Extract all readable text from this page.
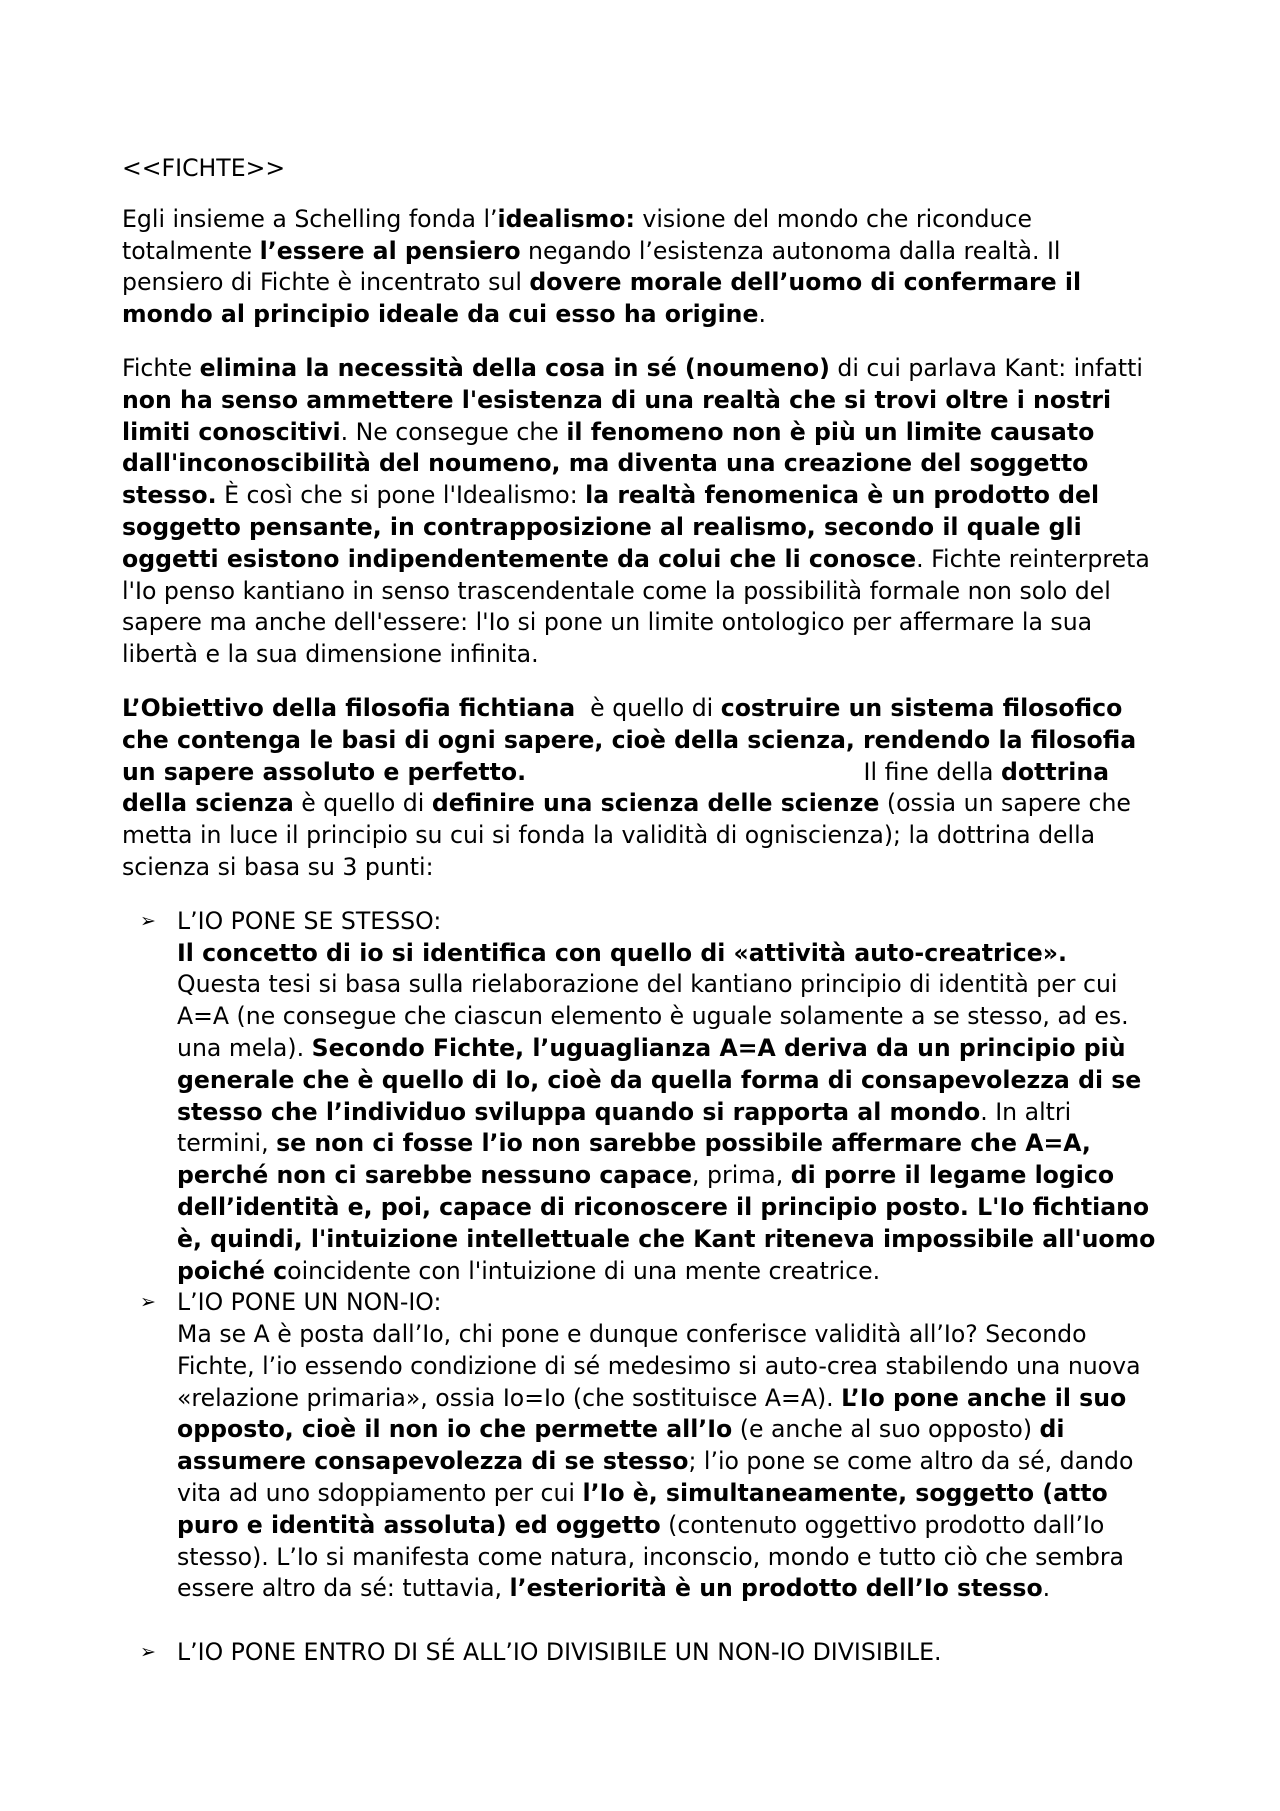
<<FICHTE>>
Egli insieme a Schelling fonda l’idealismo: visione del mondo che riconduce
totalmente l’essere al pensiero negando l’esistenza autonoma dalla realtà. Il
pensiero di Fichte è incentrato sul dovere morale dell’uomo di confermare il
mondo al principio ideale da cui esso ha origine.
Fichte elimina la necessità della cosa in sé (noumeno) di cui parlava Kant: infatti
non ha senso ammettere l'esistenza di una realtà che si trovi oltre i nostri
limiti conoscitivi. Ne consegue che il fenomeno non è più un limite causato
dall'inconoscibilità del noumeno, ma diventa una creazione del soggetto
stesso. È così che si pone l'Idealismo: la realtà fenomenica è un prodotto del
soggetto pensante, in contrapposizione al realismo, secondo il quale gli
oggetti esistono indipendentemente da colui che li conosce. Fichte reinterpreta
l'Io penso kantiano in senso trascendentale come la possibilità formale non solo del
sapere ma anche dell'essere: l'Io si pone un limite ontologico per affermare la sua
libertà e la sua dimensione infinita.
L’Obiettivo della filosofia fichtiana  è quello di costruire un sistema filosofico
che contenga le basi di ogni sapere, cioè della scienza, rendendo la filosofia
un sapere assoluto e perfetto.                                             Il fine della dottrina
della scienza è quello di definire una scienza delle scienze (ossia un sapere che
metta in luce il principio su cui si fonda la validità di ogniscienza); la dottrina della
scienza si basa su 3 punti:
➢ L’IO PONE SE STESSO:
Il concetto di io si identifica con quello di «attività auto-creatrice».
Questa tesi si basa sulla rielaborazione del kantiano principio di identità per cui
A=A (ne consegue che ciascun elemento è uguale solamente a se stesso, ad es.
una mela). Secondo Fichte, l’uguaglianza A=A deriva da un principio più
generale che è quello di Io, cioè da quella forma di consapevolezza di se
stesso che l’individuo sviluppa quando si rapporta al mondo. In altri
termini, se non ci fosse l’io non sarebbe possibile affermare che A=A,
perché non ci sarebbe nessuno capace, prima, di porre il legame logico
dell’identità e, poi, capace di riconoscere il principio posto. L'Io fichtiano
è, quindi, l'intuizione intellettuale che Kant riteneva impossibile all'uomo
poiché coincidente con l'intuizione di una mente creatrice.
➢ L’IO PONE UN NON-IO:
Ma se A è posta dall’Io, chi pone e dunque conferisce validità all’Io? Secondo
Fichte, l’io essendo condizione di sé medesimo si auto-crea stabilendo una nuova
«relazione primaria», ossia Io=Io (che sostituisce A=A). L’Io pone anche il suo
opposto, cioè il non io che permette all’Io (e anche al suo opposto) di
assumere consapevolezza di se stesso; l’io pone se come altro da sé, dando
vita ad uno sdoppiamento per cui l’Io è, simultaneamente, soggetto (atto
puro e identità assoluta) ed oggetto (contenuto oggettivo prodotto dall’Io
stesso). L’Io si manifesta come natura, inconscio, mondo e tutto ciò che sembra
essere altro da sé: tuttavia, l’esteriorità è un prodotto dell’Io stesso.
➢ L’IO PONE ENTRO DI SÉ ALL’IO DIVISIBILE UN NON-IO DIVISIBILE.
